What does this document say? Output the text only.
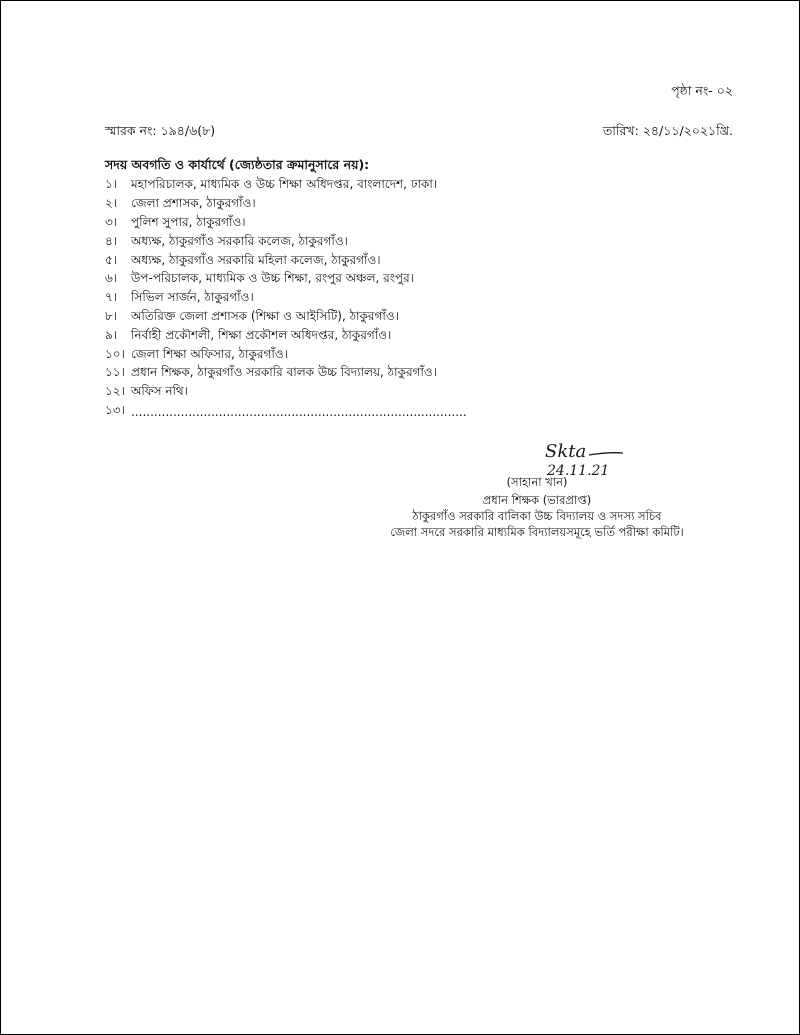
পৃষ্ঠা নং- ০২
স্মারক নং: ১৯৪/৬(৮)	তারিখ: ২৪/১১/২০২১খ্রি.
সদয় অবগতি ও কার্যার্থে (জ্যেষ্ঠতার ক্রমানুসারে নয়):
১।	মহাপরিচালক, মাধ্যমিক ও উচ্চ শিক্ষা অধিদপ্তর, বাংলাদেশ, ঢাকা।
২।	জেলা প্রশাসক, ঠাকুরগাঁও।
৩।	পুলিশ সুপার, ঠাকুরগাঁও।
৪।	অধ্যক্ষ, ঠাকুরগাঁও সরকারি কলেজ, ঠাকুরগাঁও।
৫।	অধ্যক্ষ, ঠাকুরগাঁও সরকারি মহিলা কলেজ, ঠাকুরগাঁও।
৬।	উপ-পরিচালক, মাধ্যমিক ও উচ্চ শিক্ষা, রংপুর অঞ্চল, রংপুর।
৭।	সিভিল সার্জন, ঠাকুরগাঁও।
৮।	অতিরিক্ত জেলা প্রশাসক (শিক্ষা ও আইসিটি), ঠাকুরগাঁও।
৯।	নির্বাহী প্রকৌশলী, শিক্ষা প্রকৌশল অধিদপ্তর, ঠাকুরগাঁও।
১০। জেলা শিক্ষা অফিসার, ঠাকুরগাঁও।
১১। প্রধান শিক্ষক, ঠাকুরগাঁও সরকারি বালক উচ্চ বিদ্যালয়, ঠাকুরগাঁও।
১২। অফিস নথি।
১৩। ........................................................................................
Skta
24.11.21
(সাহানা খান)
প্রধান শিক্ষক (ভারপ্রাপ্ত)
ঠাকুরগাঁও সরকারি বালিকা উচ্চ বিদ্যালয় ও সদস্য সচিব
জেলা সদরে সরকারি মাধ্যমিক বিদ্যালয়সমূহে ভর্তি পরীক্ষা কমিটি।
